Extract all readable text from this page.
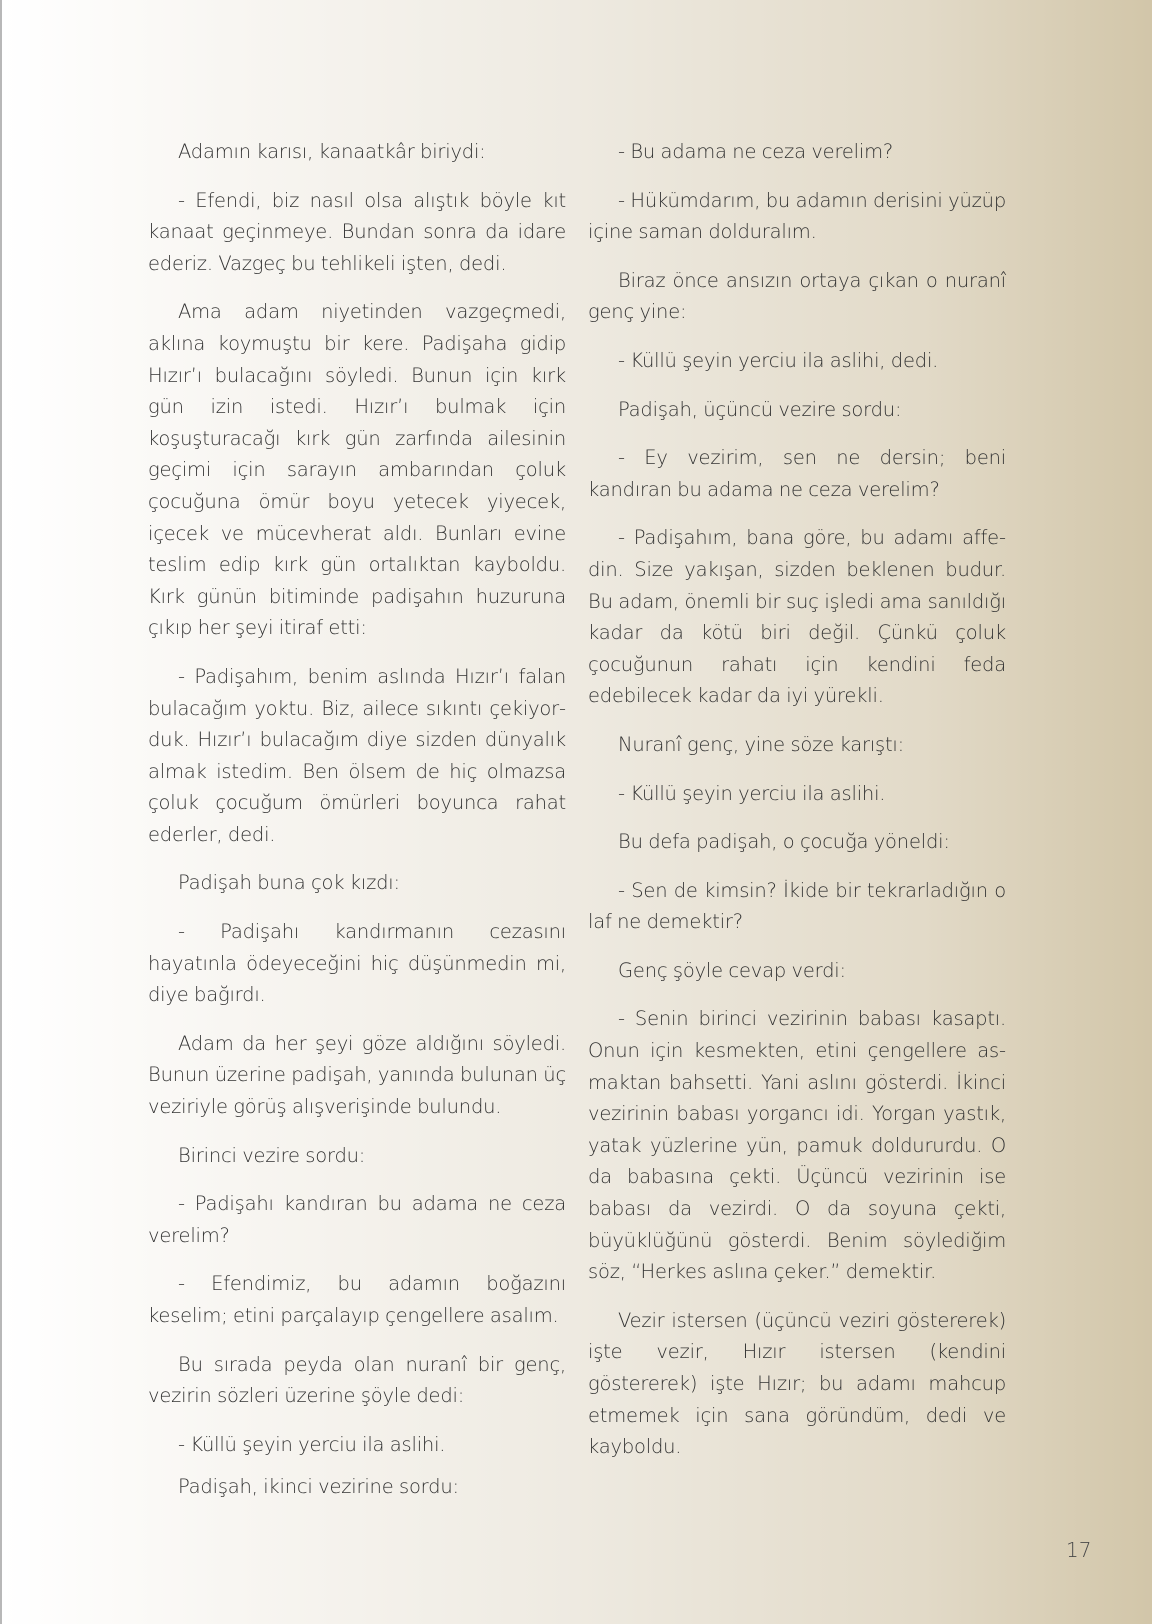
Adamın karısı, kanaatkâr biriydi:

- Efendi, biz nasıl olsa alıştık böyle kıt kanaat geçinmeye. Bundan sonra da idare ederiz. Vazgeç bu tehlikeli işten, dedi.

Ama adam niyetinden vazgeçmedi, aklına koymuştu bir kere. Padişaha gidip Hızır’ı bulacağını söyledi. Bunun için kırk gün izin istedi. Hızır’ı bulmak için koşuşturacağı kırk gün zarfında ailesinin geçimi için sarayın ambarından çoluk çocuğuna ömür boyu yetecek yiyecek, içecek ve mücevherat aldı. Bunları evine teslim edip kırk gün ortalıktan kayboldu. Kırk günün bitiminde padişahın huzuruna çıkıp her şeyi itiraf etti:

- Padişahım, benim aslında Hızır’ı falan bulacağım yoktu. Biz, ailece sıkıntı çekiyorduk. Hızır’ı bulacağım diye sizden dünyalık almak istedim. Ben ölsem de hiç olmazsa çoluk çocuğum ömürleri boyunca rahat ederler, dedi.

Padişah buna çok kızdı:

- Padişahı kandırmanın cezasını hayatınla ödeyeceğini hiç düşünmedin mi, diye bağırdı.

Adam da her şeyi göze aldığını söyledi. Bunun üzerine padişah, yanında bulunan üç veziriyle görüş alışverişinde bulundu.

Birinci vezire sordu:

- Padişahı kandıran bu adama ne ceza verelim?

- Efendimiz, bu adamın boğazını keselim; etini parçalayıp çengellere asalım.

Bu sırada peyda olan nuranî bir genç, vezirin sözleri üzerine şöyle dedi:

- Küllü şeyin yerciu ila aslihi.

Padişah, ikinci vezirine sordu:

- Bu adama ne ceza verelim?

- Hükümdarım, bu adamın derisini yüzüp içine saman dolduralım.

Biraz önce ansızın ortaya çıkan o nuranî genç yine:

- Küllü şeyin yerciu ila aslihi, dedi.

Padişah, üçüncü vezire sordu:

- Ey vezirim, sen ne dersin; beni kandıran bu adama ne ceza verelim?

- Padişahım, bana göre, bu adamı affedin. Size yakışan, sizden beklenen budur. Bu adam, önemli bir suç işledi ama sanıldığı kadar da kötü biri değil. Çünkü çoluk çocuğunun rahatı için kendini feda edebilecek kadar da iyi yürekli.

Nuranî genç, yine söze karıştı:

- Küllü şeyin yerciu ila aslihi.

Bu defa padişah, o çocuğa yöneldi:

- Sen de kimsin? İkide bir tekrarladığın o laf ne demektir?

Genç şöyle cevap verdi:

- Senin birinci vezirinin babası kasaptı. Onun için kesmekten, etini çengellere asmaktan bahsetti. Yani aslını gösterdi. İkinci vezirinin babası yorgancı idi. Yorgan yastık, yatak yüzlerine yün, pamuk doldururdu. O da babasına çekti. Üçüncü vezirinin ise babası da vezirdi. O da soyuna çekti, büyüklüğünü gösterdi. Benim söylediğim söz, “Herkes aslına çeker.” demektir.

Vezir istersen (üçüncü veziri göstererek) işte vezir, Hızır istersen (kendini göstererek) işte Hızır; bu adamı mahcup etmemek için sana göründüm, dedi ve kayboldu.

17
